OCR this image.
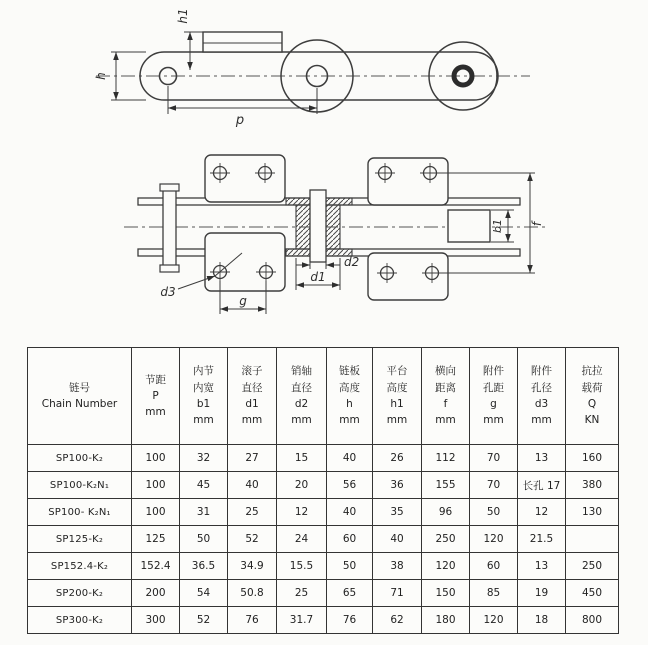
h1
h
p
d3
g
d2
d1
b1 f
链号
Chain Number

节距
P
mm

内节
内宽
b1
mm

滚子
直径
d1
mm

销轴
直径
d2
mm

链板
高度
h
mm

平台
高度
h1
mm

横向
距离
f
mm

附件
孔距
g
mm

附件
孔径
d3
mm

抗拉
载荷
Q
KN

SP100-K₂	100	32	27	15	40	26	112	70	13	160
SP100-K₂N₁	100	45	40	20	56	36	155	70	长孔 17	380
SP100- K₂N₁	100	31	25	12	40	35	96	50	12	130
SP125-K₂	125	50	52	24	60	40	250	120	21.5	
SP152.4-K₂	152.4	36.5	34.9	15.5	50	38	120	60	13	250
SP200-K₂	200	54	50.8	25	65	71	150	85	19	450
SP300-K₂	300	52	76	31.7	76	62	180	120	18	800
